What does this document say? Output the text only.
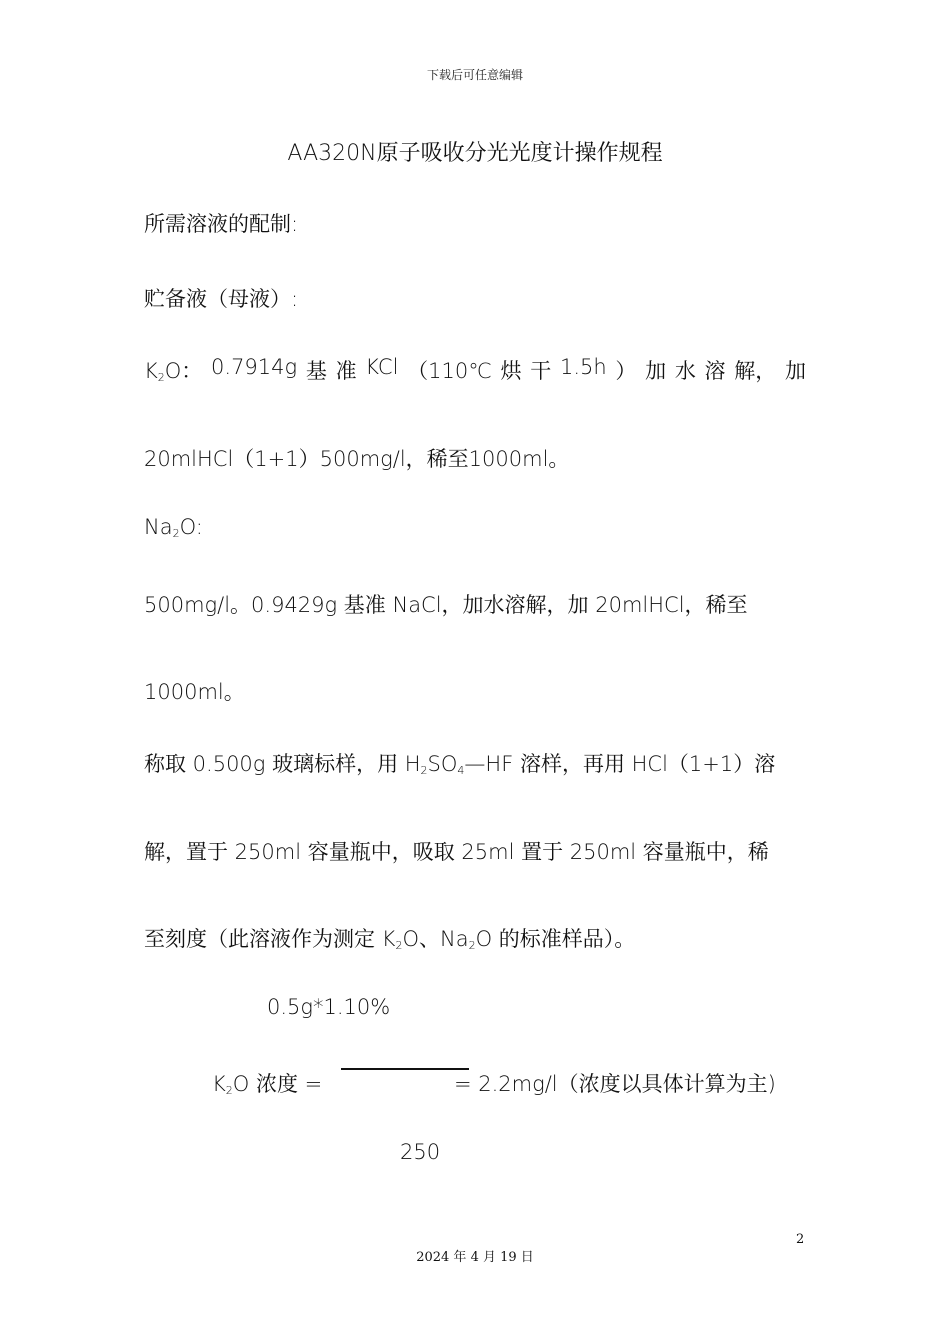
下载后可任意编辑
AA320N原子吸收分光光度计操作规程
所需溶液的配制:
贮备液（母液）:
$K_2O$： 0.7914g 基 准 KCl （110℃ 烘 干 1.5h ） 加 水 溶 解， 加
20mlHCl（1+1）500mg/l，稀至1000ml。
$Na_2O$:
500mg/l。0.9429g 基准 NaCl，加水溶解，加 20mlHCl，稀至
1000ml。
称取 0.500g 玻璃标样，用 $H_2SO_4—HF$ 溶样，再用 HCl（1+1）溶
解，置于 250ml 容量瓶中，吸取 25ml 置于 250ml 容量瓶中，稀
至刻度（此溶液作为测定 $K_2O$、$Na_2O$ 的标准样品）。
0.5g*1.10%
$K_2O$ 浓度 =	= 2.2mg/l（浓度以具体计算为主)
250
2
2024 年 4 月 19 日
